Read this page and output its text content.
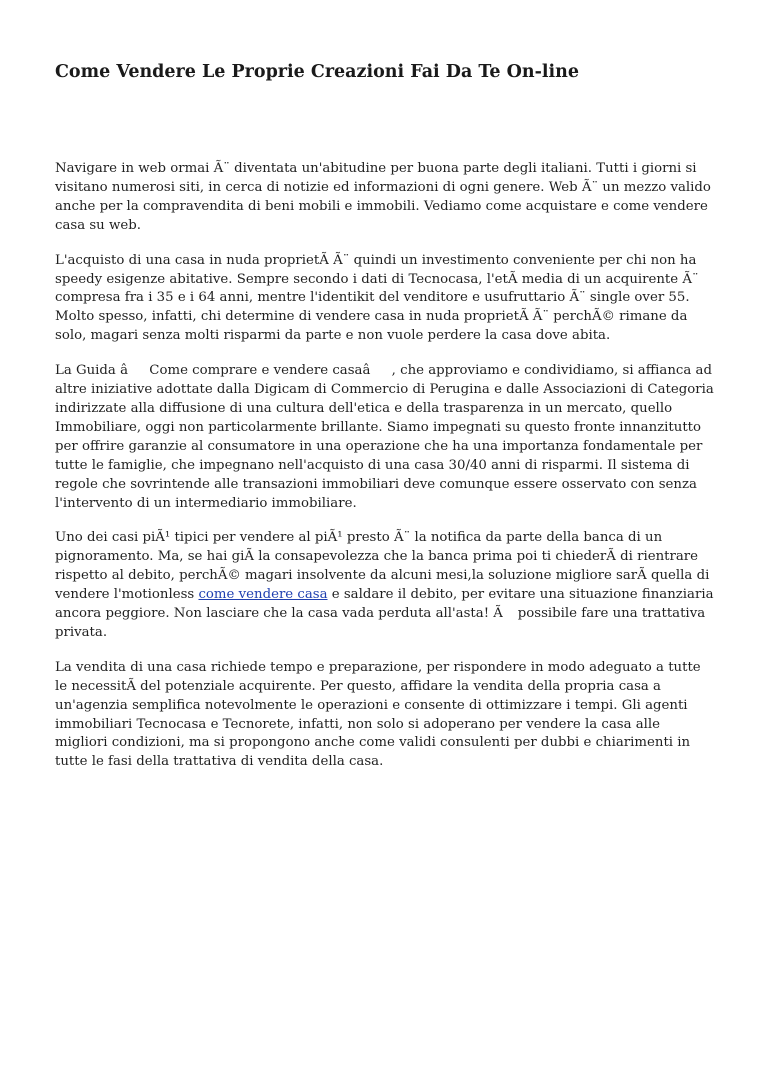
Come Vendere Le Proprie Creazioni Fai Da Te On-line

Navigare in web ormai Ã¨ diventata un'abitudine per buona parte degli italiani. Tutti i giorni si visitano numerosi siti, in cerca di notizie ed informazioni di ogni genere. Web Ã¨ un mezzo valido anche per la compravendita di beni mobili e immobili. Vediamo come acquistare e come vendere casa su web.

L'acquisto di una casa in nuda proprietÃ Ã¨ quindi un investimento conveniente per chi non ha speedy esigenze abitative. Sempre secondo i dati di Tecnocasa, l'etÃ media di un acquirente Ã¨ compresa fra i 35 e i 64 anni, mentre l'identikit del venditore e usufruttario Ã¨ single over 55. Molto spesso, infatti, chi determine di vendere casa in nuda proprietÃ Ã¨ perchÃ© rimane da solo, magari senza molti risparmi da parte e non vuole perdere la casa dove abita.

La Guida âCome comprare e vendere casaâ, che approviamo e condividiamo, si affianca ad altre iniziative adottate dalla Digicam di Commercio di Perugina e dalle Associazioni di Categoria indirizzate alla diffusione di una cultura dell'etica e della trasparenza in un mercato, quello Immobiliare, oggi non particolarmente brillante. Siamo impegnati su questo fronte innanzitutto per offrire garanzie al consumatore in una operazione che ha una importanza fondamentale per tutte le famiglie, che impegnano nell'acquisto di una casa 30/40 anni di risparmi. Il sistema di regole che sovrintende alle transazioni immobiliari deve comunque essere osservato con senza l'intervento di un intermediario immobiliare.

Uno dei casi piÃ¹ tipici per vendere al piÃ¹ presto Ã¨ la notifica da parte della banca di un pignoramento. Ma, se hai giÃ la consapevolezza che la banca prima poi ti chiederÃ di rientrare rispetto al debito, perchÃ© magari insolvente da alcuni mesi,la soluzione migliore sarÃ quella di vendere l'motionless come vendere casa e saldare il debito, per evitare una situazione finanziaria ancora peggiore. Non lasciare che la casa vada perduta all'asta! Ã possibile fare una trattativa privata.

La vendita di una casa richiede tempo e preparazione, per rispondere in modo adeguato a tutte le necessitÃ del potenziale acquirente. Per questo, affidare la vendita della propria casa a un'agenzia semplifica notevolmente le operazioni e consente di ottimizzare i tempi. Gli agenti immobiliari Tecnocasa e Tecnorete, infatti, non solo si adoperano per vendere la casa alle migliori condizioni, ma si propongono anche come validi consulenti per dubbi e chiarimenti in tutte le fasi della trattativa di vendita della casa.
